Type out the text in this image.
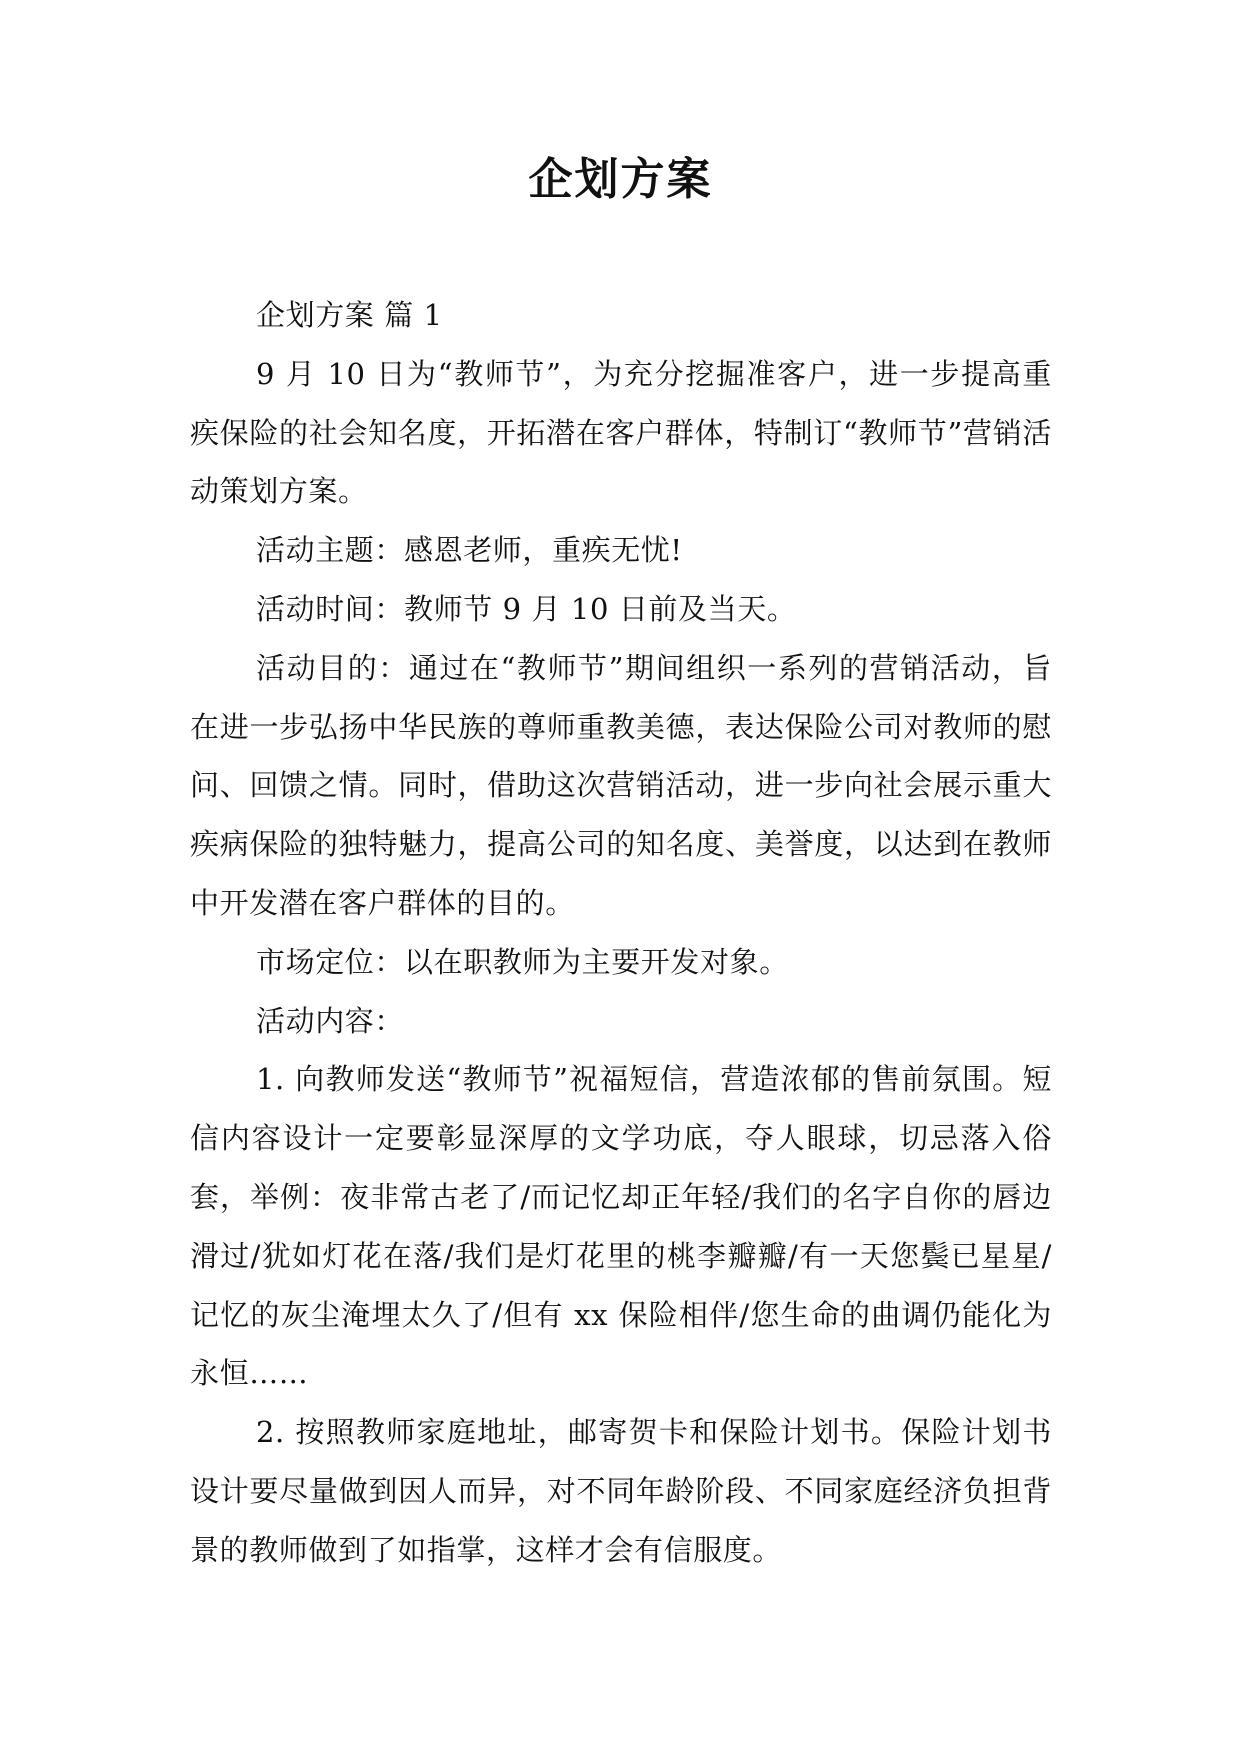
企划方案

企划方案 篇 1

9 月 10 日为“教师节”，为充分挖掘准客户，进一步提高重疾保险的社会知名度，开拓潜在客户群体，特制订“教师节”营销活动策划方案。

活动主题：感恩老师，重疾无忧!

活动时间：教师节 9 月 10 日前及当天。

活动目的：通过在“教师节”期间组织一系列的营销活动，旨在进一步弘扬中华民族的尊师重教美德，表达保险公司对教师的慰问、回馈之情。同时，借助这次营销活动，进一步向社会展示重大疾病保险的独特魅力，提高公司的知名度、美誉度，以达到在教师中开发潜在客户群体的目的。

市场定位：以在职教师为主要开发对象。

活动内容：

1. 向教师发送“教师节”祝福短信，营造浓郁的售前氛围。短信内容设计一定要彰显深厚的文学功底，夺人眼球，切忌落入俗套，举例：夜非常古老了/而记忆却正年轻/我们的名字自你的唇边滑过/犹如灯花在落/我们是灯花里的桃李瓣瓣/有一天您鬓已星星/记忆的灰尘淹埋太久了/但有 xx 保险相伴/您生命的曲调仍能化为永恒……

2. 按照教师家庭地址，邮寄贺卡和保险计划书。保险计划书设计要尽量做到因人而异，对不同年龄阶段、不同家庭经济负担背景的教师做到了如指掌，这样才会有信服度。
